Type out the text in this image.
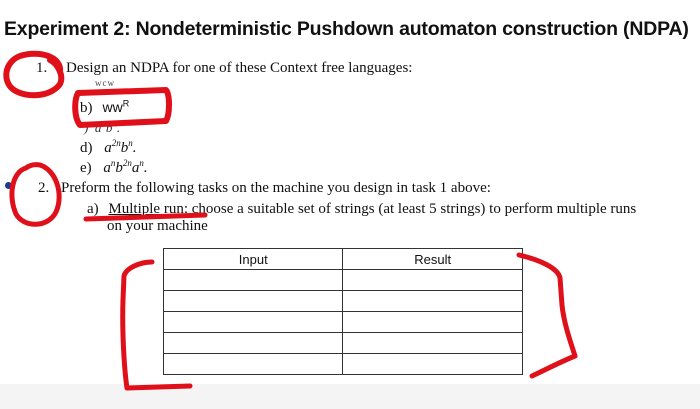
Experiment 2: Nondeterministic Pushdown automaton construction (NDPA)
1. Design an NDPA for one of these Context free languages:
wcw
b) $ww^R$
)  $a^nb^n$.
d) $a^{2n}b^n$.
e) $a^nb^{2n}a^n$.
2. Preform the following tasks on the machine you design in task 1 above:
a) Multiple run: choose a suitable set of strings (at least 5 strings) to perform multiple runs
on your machine
Input	Result
